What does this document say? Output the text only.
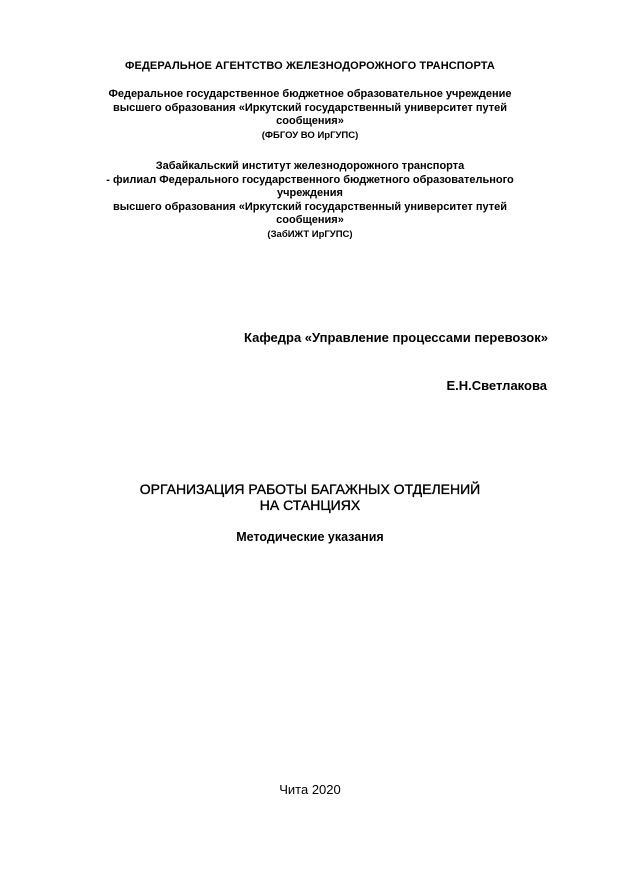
ФЕДЕРАЛЬНОЕ АГЕНТСТВО ЖЕЛЕЗНОДОРОЖНОГО ТРАНСПОРТА
Федеральное государственное бюджетное образовательное учреждение
высшего образования «Иркутский государственный университет путей
сообщения»
(ФБГОУ ВО ИрГУПС)
Забайкальский институт железнодорожного транспорта
- филиал Федерального государственного бюджетного образовательного
учреждения
высшего образования «Иркутский государственный университет путей
сообщения»
(ЗабИЖТ ИрГУПС)
Кафедра «Управление процессами перевозок»
Е.Н.Светлакова
ОРГАНИЗАЦИЯ РАБОТЫ БАГАЖНЫХ ОТДЕЛЕНИЙ
НА СТАНЦИЯХ
Методические указания
Чита 2020
